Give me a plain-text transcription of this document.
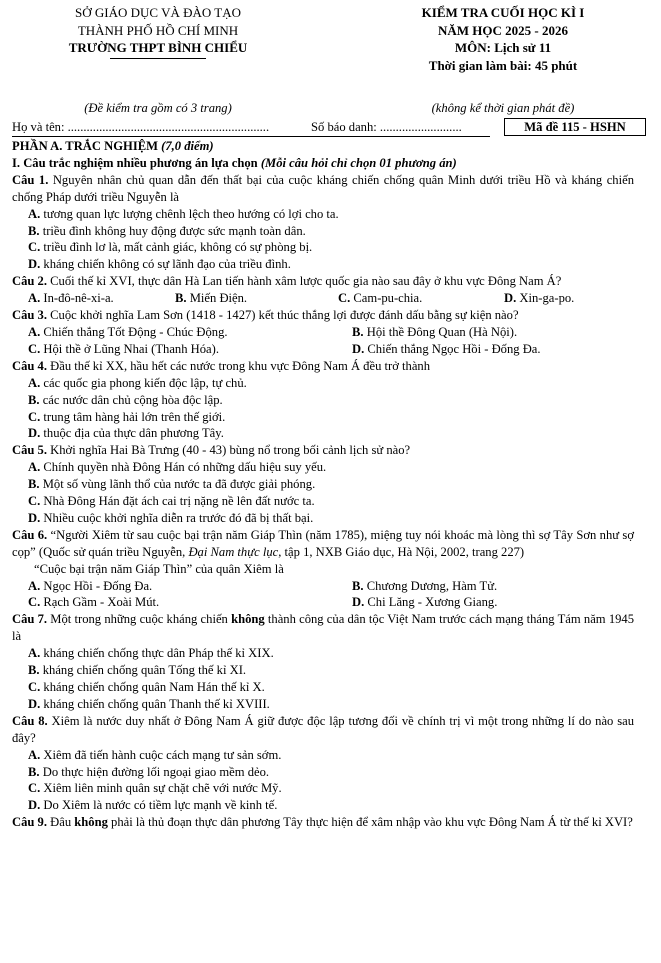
SỞ GIÁO DỤC VÀ ĐÀO TẠO
THÀNH PHỐ HỒ CHÍ MINH
TRƯỜNG THPT BÌNH CHIỂU
KIỂM TRA CUỐI HỌC KÌ I
NĂM HỌC 2025 - 2026
MÔN: Lịch sử 11
Thời gian làm bài: 45 phút
(Đề kiểm tra gồm có 3 trang)	(không kể thời gian phát đề)
Họ và tên: ................................................................	Số báo danh: ..........................	Mã đề 115 - HSHN

PHẦN A. TRẮC NGHIỆM (7,0 điểm)

I. Câu trắc nghiệm nhiều phương án lựa chọn (Mỗi câu hỏi chỉ chọn 01 phương án)

Câu 1. Nguyên nhân chủ quan dẫn đến thất bại của cuộc kháng chiến chống quân Minh dưới triều Hồ và kháng chiến chống Pháp dưới triều Nguyễn là

A. tương quan lực lượng chênh lệch theo hướng có lợi cho ta.

B. triều đình không huy động được sức mạnh toàn dân.

C. triều đình lơ là, mất cảnh giác, không có sự phòng bị.

D. kháng chiến không có sự lãnh đạo của triều đình.

Câu 2. Cuối thế kỉ XVI, thực dân Hà Lan tiến hành xâm lược quốc gia nào sau đây ở khu vực Đông Nam Á?

A. In-đô-nê-xi-a.	B. Miến Điện.	C. Cam-pu-chia.	D. Xin-ga-po.

Câu 3. Cuộc khởi nghĩa Lam Sơn (1418 - 1427) kết thúc thắng lợi được đánh dấu bằng sự kiện nào?

A. Chiến thắng Tốt Động - Chúc Động.	B. Hội thề Đông Quan (Hà Nội).

C. Hội thề ở Lũng Nhai (Thanh Hóa).	D. Chiến thắng Ngọc Hồi - Đống Đa.

Câu 4. Đầu thế kỉ XX, hầu hết các nước trong khu vực Đông Nam Á đều trở thành

A. các quốc gia phong kiến độc lập, tự chủ.

B. các nước dân chủ cộng hòa độc lập.

C. trung tâm hàng hải lớn trên thế giới.

D. thuộc địa của thực dân phương Tây.

Câu 5. Khởi nghĩa Hai Bà Trưng (40 - 43) bùng nổ trong bối cảnh lịch sử nào?

A. Chính quyền nhà Đông Hán có những dấu hiệu suy yếu.

B. Một số vùng lãnh thổ của nước ta đã được giải phóng.

C. Nhà Đông Hán đặt ách cai trị nặng nề lên đất nước ta.

D. Nhiều cuộc khởi nghĩa diễn ra trước đó đã bị thất bại.

Câu 6. “Người Xiêm từ sau cuộc bại trận năm Giáp Thìn (năm 1785), miệng tuy nói khoác mà lòng thì sợ Tây Sơn như sợ cọp” (Quốc sử quán triều Nguyễn, Đại Nam thực lục, tập 1, NXB Giáo dục, Hà Nội, 2002, trang 227)

“Cuộc bại trận năm Giáp Thìn” của quân Xiêm là

A. Ngọc Hồi - Đống Đa.	B. Chương Dương, Hàm Tử.

C. Rạch Gầm - Xoài Mút.	D. Chi Lăng - Xương Giang.

Câu 7. Một trong những cuộc kháng chiến không thành công của dân tộc Việt Nam trước cách mạng tháng Tám năm 1945 là

A. kháng chiến chống thực dân Pháp thế kỉ XIX.

B. kháng chiến chống quân Tống thế kỉ XI.

C. kháng chiến chống quân Nam Hán thế kỉ X.

D. kháng chiến chống quân Thanh thế kỉ XVIII.

Câu 8. Xiêm là nước duy nhất ở Đông Nam Á giữ được độc lập tương đối về chính trị vì một trong những lí do nào sau đây?

A. Xiêm đã tiến hành cuộc cách mạng tư sản sớm.

B. Do thực hiện đường lối ngoại giao mềm dẻo.

C. Xiêm liên minh quân sự chặt chẽ với nước Mỹ.

D. Do Xiêm là nước có tiềm lực mạnh về kinh tế.

Câu 9. Đâu không phải là thủ đoạn thực dân phương Tây thực hiện để xâm nhập vào khu vực Đông Nam Á từ thế kỉ XVI?
